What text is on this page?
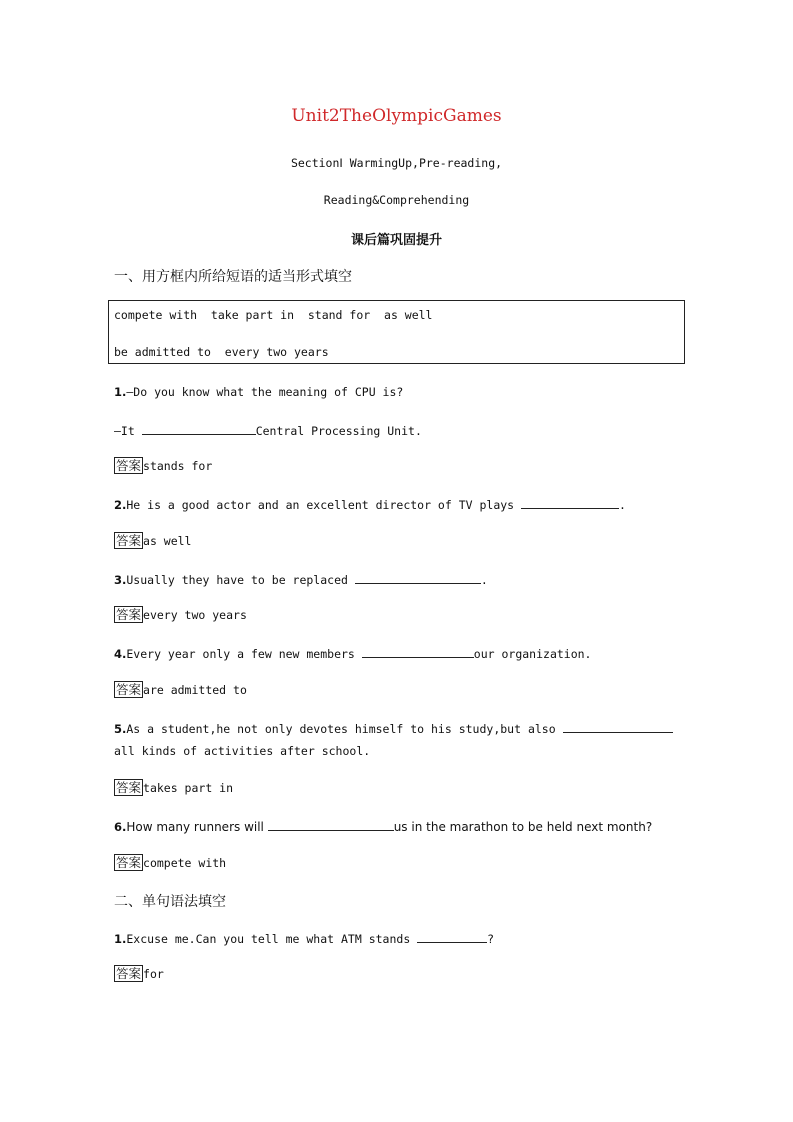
Unit2TheOlympicGames
SectionⅠ WarmingUp,Pre-reading,
Reading&Comprehending
课后篇巩固提升
一、用方框内所给短语的适当形式填空
compete with  take part in  stand for  as well
be admitted to  every two years
1.—Do you know what the meaning of CPU is?
—It	Central Processing Unit.
答案 stands for
2.He is a good actor and an excellent director of TV plays	.
答案 as well
3.Usually they have to be replaced	.
答案 every two years
4.Every year only a few new members	our organization.
答案 are admitted to
5.As a student,he not only devotes himself to his study,but also
all kinds of activities after school.
答案 takes part in
6.How many runners will	us in the marathon to be held next month?
答案 compete with
二、单句语法填空
1.Excuse me.Can you tell me what ATM stands	?
答案 for
